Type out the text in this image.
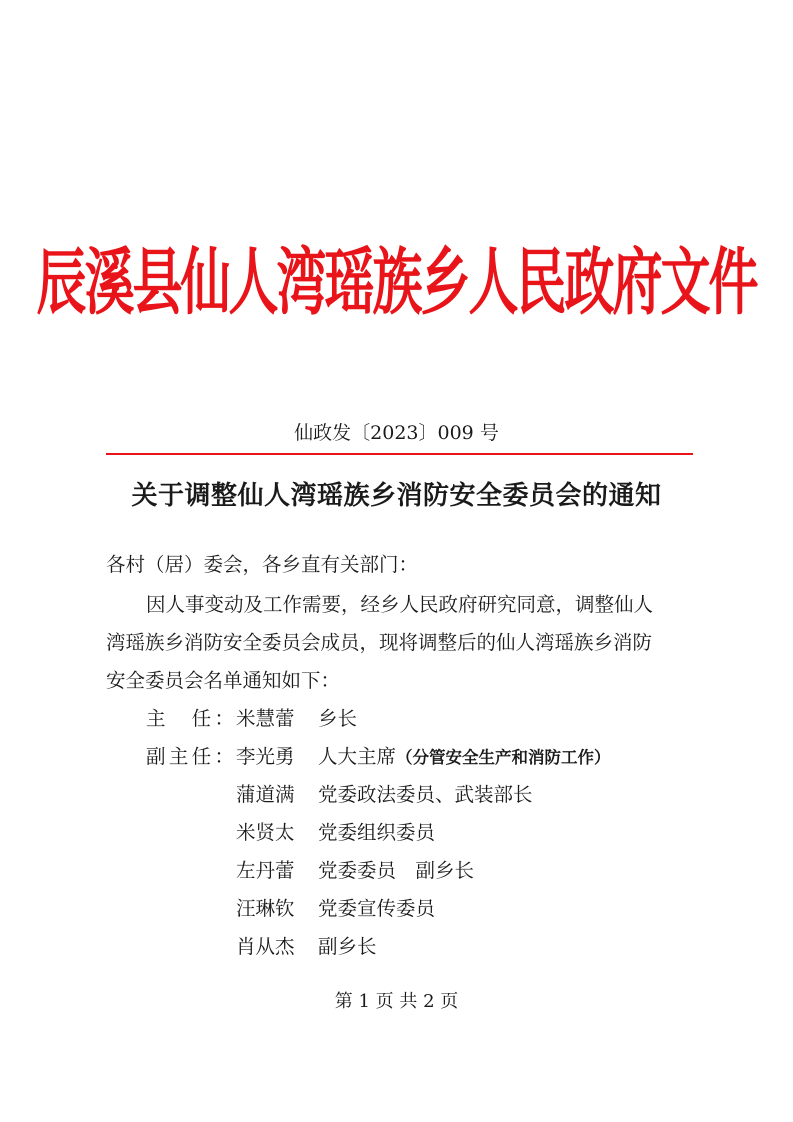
辰溪县仙人湾瑶族乡人民政府文件
仙政发〔2023〕009 号
关于调整仙人湾瑶族乡消防安全委员会的通知
各村（居）委会，各乡直有关部门：
因人事变动及工作需要，经乡人民政府研究同意，调整仙人
湾瑶族乡消防安全委员会成员，现将调整后的仙人湾瑶族乡消防
安全委员会名单通知如下：
主　任： 米慧蕾 乡长
副主任： 李光勇 人大主席（分管安全生产和消防工作）
蒲道满 党委政法委员、武装部长
米贤太 党委组织委员
左丹蕾 党委委员　副乡长
汪琳钦 党委宣传委员
肖从杰 副乡长
第 1 页 共 2 页
